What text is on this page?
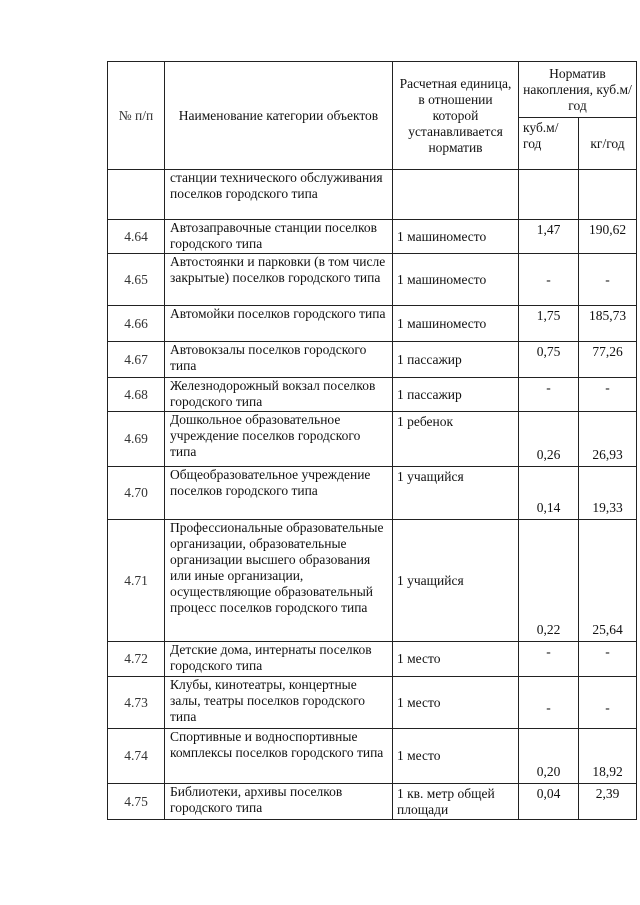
№ п/п	Наименование категории объектов	Расчетная единица, в отношении которой устанавливается норматив	Норматив накопления, куб.м/ год	
			куб.м/ год	кг/год
	станции технического обслуживания поселков городского типа			
4.64	Автозаправочные станции поселков городского типа	1 машиноместо	1,47	190,62
4.65	Автостоянки и парковки (в том числе закрытые) поселков городского типа	1 машиноместо	-	-
4.66	Автомойки поселков городского типа	1 машиноместо	1,75	185,73
4.67	Автовокзалы поселков городского типа	1 пассажир	0,75	77,26
4.68	Железнодорожный вокзал поселков городского типа	1 пассажир	-	-
4.69	Дошкольное образовательное учреждение поселков городского типа	1 ребенок	0,26	26,93
4.70	Общеобразовательное учреждение поселков городского типа	1 учащийся	0,14	19,33
4.71	Профессиональные образовательные организации, образовательные организации высшего образования или иные организации, осуществляющие образовательный процесс поселков городского типа	1 учащийся	0,22	25,64
4.72	Детские дома, интернаты поселков городского типа	1 место	-	-
4.73	Клубы, кинотеатры, концертные залы, театры поселков городского типа	1 место	-	-
4.74	Спортивные и водноспортивные комплексы поселков городского типа	1 место	0,20	18,92
4.75	Библиотеки, архивы поселков городского типа	1 кв. метр общей площади	0,04	2,39
